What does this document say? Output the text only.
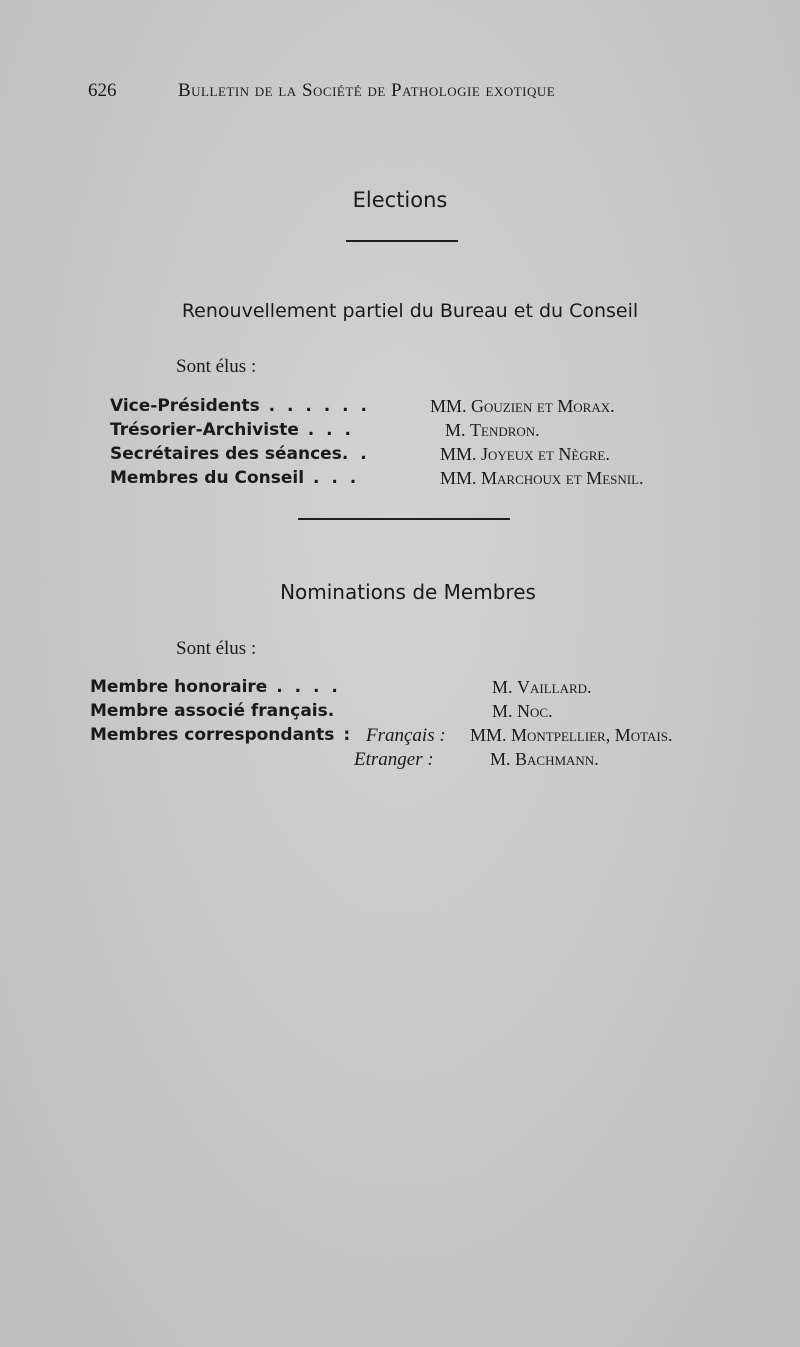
626	Bulletin de la Société de Pathologie exotique
Elections
Renouvellement partiel du Bureau et du Conseil
Sont élus :
Vice-Présidents . . . . . .	MM. Gouzien et Morax.
Trésorier-Archiviste . . .	M. Tendron.
Secrétaires des séances. .	MM. Joyeux et Nègre.
Membres du Conseil . . .	MM. Marchoux et Mesnil.
Nominations de Membres
Sont élus :
Membre honoraire . . . .	M. Vaillard.
Membre associé français.	M. Noc.
Membres correspondants : Français : MM. Montpellier, Motais.
Etranger :	M. Bachmann.
